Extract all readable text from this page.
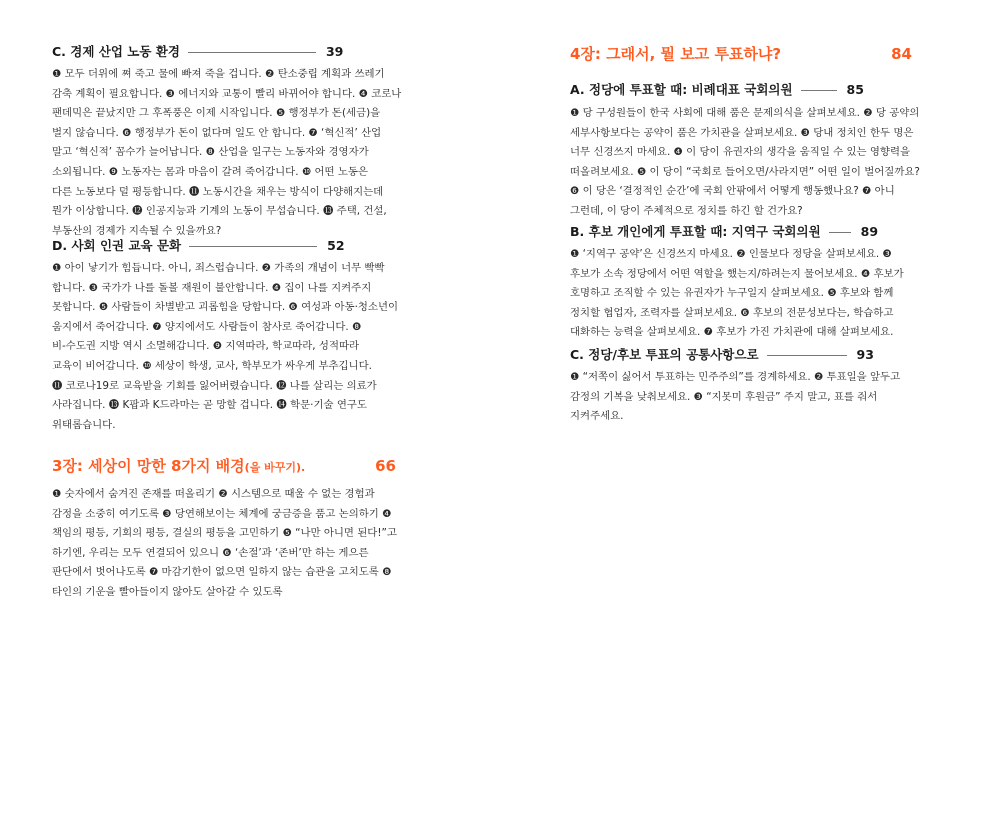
C. 경제 산업 노동 환경	39
❶ 모두 더위에 쪄 죽고 물에 빠져 죽을 겁니다. ❷ 탄소중립 계획과 쓰레기
감축 계획이 필요합니다. ❸ 에너지와 교통이 빨리 바뀌어야 합니다. ❹ 코로나
팬데믹은 끝났지만 그 후폭풍은 이제 시작입니다. ❺ 행정부가 돈(세금)을
벌지 않습니다. ❻ 행정부가 돈이 없다며 일도 안 합니다. ❼ ‘혁신적’ 산업
말고 ‘혁신적’ 꼼수가 늘어납니다. ❽ 산업을 일구는 노동자와 경영자가
소외됩니다. ❾ 노동자는 몸과 마음이 갈려 죽어갑니다. ❿ 어떤 노동은
다른 노동보다 덜 평등합니다. ⓫ 노동시간을 채우는 방식이 다양해지는데
뭔가 이상합니다. ⓬ 인공지능과 기계의 노동이 무섭습니다. ⓭ 주택, 건설,
부동산의 경제가 지속될 수 있을까요?
D. 사회 인권 교육 문화	52
❶ 아이 낳기가 힘듭니다. 아니, 죄스럽습니다. ❷ 가족의 개념이 너무 빡빡
합니다. ❸ 국가가 나를 돌볼 재원이 불안합니다. ❹ 집이 나를 지켜주지
못합니다. ❺ 사람들이 차별받고 괴롭힘을 당합니다. ❻ 여성과 아동·청소년이
움지에서 죽어갑니다. ❼ 양지에서도 사람들이 참사로 죽어갑니다. ❽
비-수도권 지방 역시 소멸해갑니다. ❾ 지역따라, 학교따라, 성적따라
교육이 비어갑니다. ❿ 세상이 학생, 교사, 학부모가 싸우게 부추깁니다.
⓫ 코로나19로 교육받을 기회를 잃어버렸습니다. ⓬ 나를 살리는 의료가
사라집니다. ⓭ K팝과 K드라마는 곧 망할 겁니다. ⓮ 학문·기술 연구도
위태롭습니다.
3장: 세상이 망한 8가지 배경(을 바꾸기).	66
❶ 숫자에서 숨겨진 존재를 떠올리기 ❷ 시스템으로 때울 수 없는 경험과
감정을 소중히 여기도록 ❸ 당연해보이는 체계에 궁금증을 품고 논의하기 ❹
책임의 평등, 기회의 평등, 결실의 평등을 고민하기 ❺ “나만 아니면 된다!”고
하기엔, 우리는 모두 연결되어 있으니 ❻ ‘손절’과 ‘존버’만 하는 게으른
판단에서 벗어나도록 ❼ 마감기한이 없으면 일하지 않는 습관을 고치도록 ❽
타인의 기운을 빨아들이지 않아도 살아갈 수 있도록
4장: 그래서, 뭘 보고 투표하냐?	84
A. 정당에 투표할 때: 비례대표 국회의원	85
❶ 당 구성원들이 한국 사회에 대해 품은 문제의식을 살펴보세요. ❷ 당 공약의
세부사항보다는 공약이 품은 가치관을 살펴보세요. ❸ 당내 정치인 한두 명은
너무 신경쓰지 마세요. ❹ 이 당이 유권자의 생각을 움직일 수 있는 영향력을
떠올려보세요. ❺ 이 당이 “국회로 들어오면/사라지면” 어떤 일이 벌어질까요?
❻ 이 당은 ‘결정적인 순간’에 국회 안팎에서 어떻게 행동했나요? ❼ 아니
그런데, 이 당이 주체적으로 정치를 하긴 할 건가요?
B. 후보 개인에게 투표할 때: 지역구 국회의원	89
❶ ‘지역구 공약’은 신경쓰지 마세요. ❷ 인물보다 정당을 살펴보세요. ❸
후보가 소속 정당에서 어떤 역할을 했는지/하려는지 물어보세요. ❹ 후보가
호명하고 조직할 수 있는 유권자가 누구일지 살펴보세요. ❺ 후보와 함께
정치할 협업자, 조력자를 살펴보세요. ❻ 후보의 전문성보다는, 학습하고
대화하는 능력을 살펴보세요. ❼ 후보가 가진 가치관에 대해 살펴보세요.
C. 정당/후보 투표의 공통사항으로	93
❶ “저쪽이 싫어서 투표하는 민주주의”를 경계하세요. ❷ 투표일을 앞두고
감정의 기복을 낮춰보세요. ❸ “지못미 후원금” 주지 말고, 표를 줘서
지켜주세요.
